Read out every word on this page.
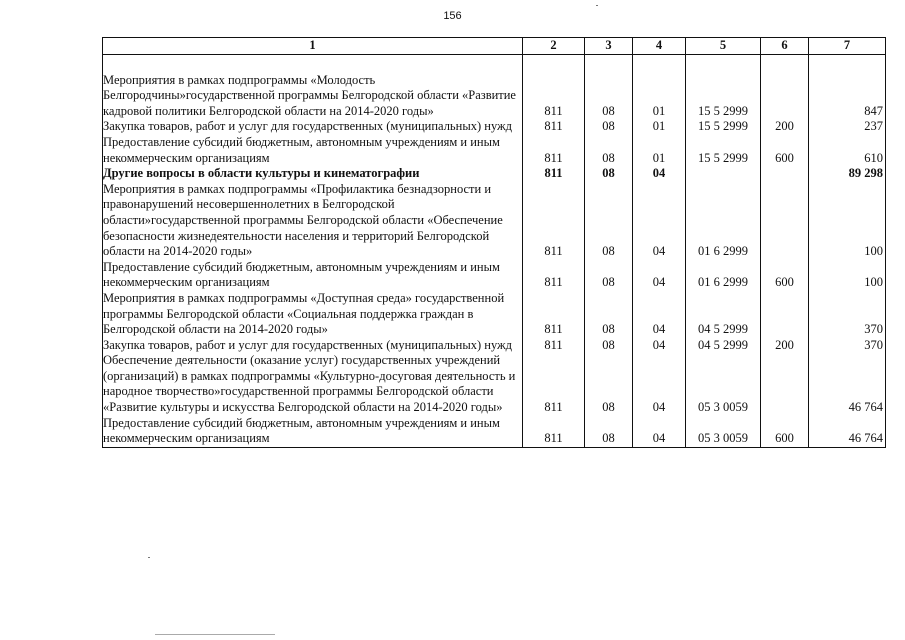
156
1	2	3	4	5	6	7

Мероприятия в рамках подпрограммы «Молодость Белгородчины»государственной программы Белгородской области «Развитие кадровой политики Белгородской области на 2014-2020 годы»	811	08	01	15 5 2999		847
Закупка товаров, работ и услуг для государственных (муниципальных) нужд	811	08	01	15 5 2999	200	237
Предоставление субсидий бюджетным, автономным учреждениям и иным некоммерческим организациям	811	08	01	15 5 2999	600	610
Другие вопросы в области культуры и кинематографии	811	08	04			89 298
Мероприятия в рамках подпрограммы «Профилактика безнадзорности и правонарушений несовершеннолетних в Белгородской области»государственной программы Белгородской области «Обеспечение безопасности жизнедеятельности населения и территорий Белгородской области на 2014-2020 годы»	811	08	04	01 6 2999		100
Предоставление субсидий бюджетным, автономным учреждениям и иным некоммерческим организациям	811	08	04	01 6 2999	600	100
Мероприятия в рамках подпрограммы «Доступная среда» государственной программы Белгородской области «Социальная поддержка граждан в Белгородской области на 2014-2020 годы»	811	08	04	04 5 2999		370
Закупка товаров, работ и услуг для государственных (муниципальных) нужд	811	08	04	04 5 2999	200	370
Обеспечение деятельности (оказание услуг) государственных учреждений (организаций) в рамках подпрограммы «Культурно-досуговая деятельность и народное творчество»государственной программы Белгородской области «Развитие культуры и искусства Белгородской области на 2014-2020 годы»	811	08	04	05 3 0059		46 764
Предоставление субсидий бюджетным, автономным учреждениям и иным некоммерческим организациям	811	08	04	05 3 0059	600	46 764
